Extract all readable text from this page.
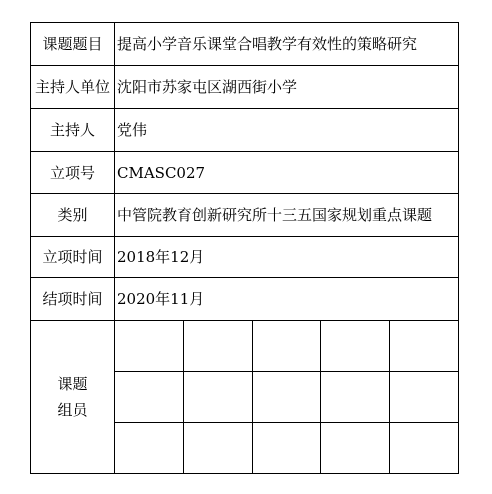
课题题目	提高小学音乐课堂合唱教学有效性的策略研究
主持人单位	沈阳市苏家屯区湖西街小学
主持人	党伟
立项号	CMASC027
类别	中管院教育创新研究所十三五国家规划重点课题
立项时间	2018年12月
结项时间	2020年11月

课题
组员
